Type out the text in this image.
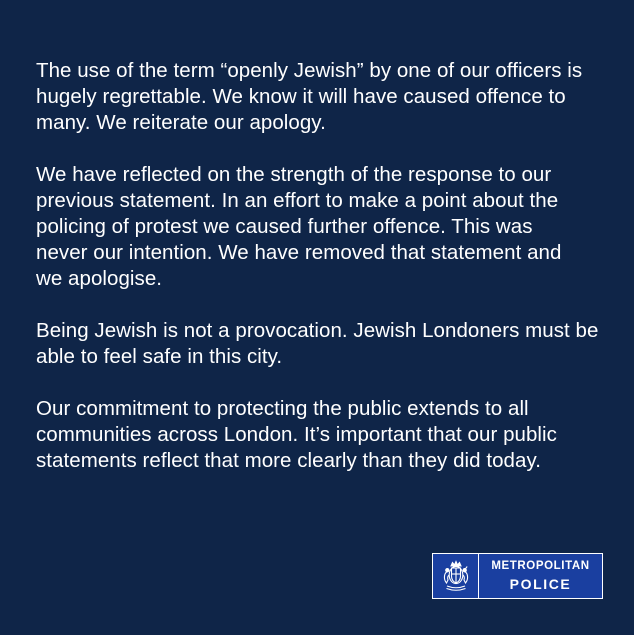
The use of the term “openly Jewish” by one of our officers is
hugely regrettable. We know it will have caused offence to
many. We reiterate our apology.

We have reflected on the strength of the response to our
previous statement. In an effort to make a point about the
policing of protest we caused further offence. This was
never our intention. We have removed that statement and
we apologise.

Being Jewish is not a provocation. Jewish Londoners must be
able to feel safe in this city.

Our commitment to protecting the public extends to all
communities across London. It’s important that our public
statements reflect that more clearly than they did today.

METROPOLITAN
POLICE
